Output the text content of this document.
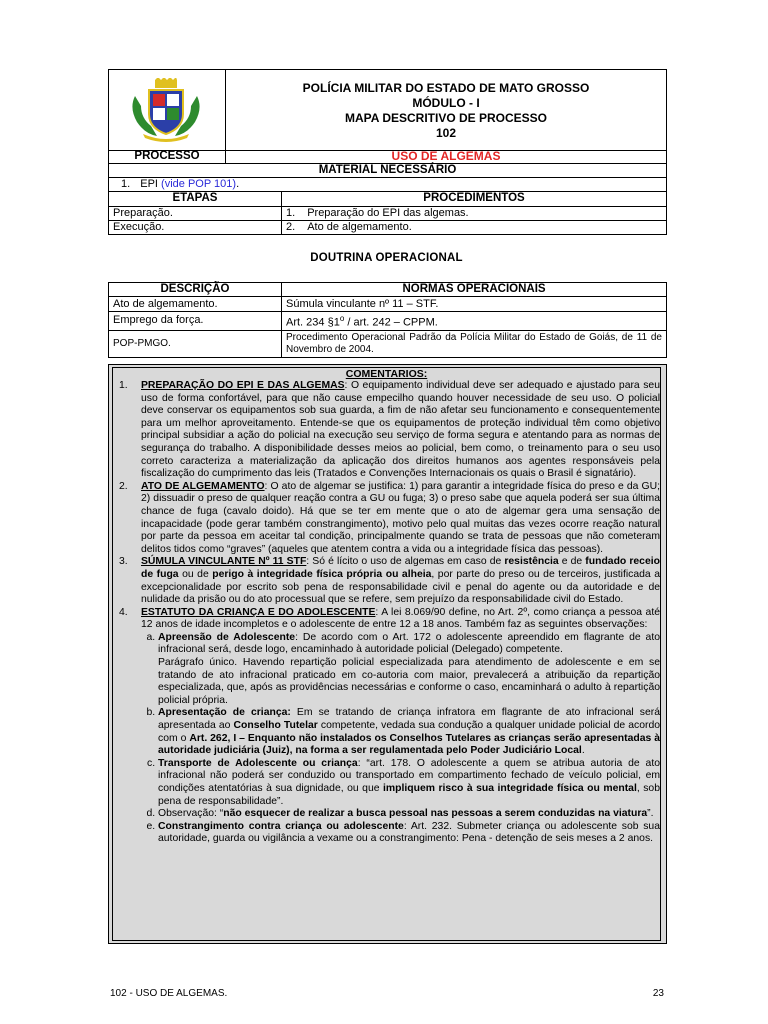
POLÍCIA MILITAR DO ESTADO DE MATO GROSSO
MÓDULO - I
MAPA DESCRITIVO DE PROCESSO
102
PROCESSO	USO DE ALGEMAS
MATERIAL NECESSÁRIO
1. EPI (vide POP 101).
ETAPAS	PROCEDIMENTOS
Preparação.	1. Preparação do EPI das algemas.
Execução.	2. Ato de algemamento.
DOUTRINA OPERACIONAL
DESCRIÇÃO	NORMAS OPERACIONAIS
Ato de algemamento.	Súmula vinculante nº 11 – STF.
Emprego da força.	Art. 234 §1$^o$ / art. 242 – CPPM.
POP-PMGO.	Procedimento Operacional Padrão da Polícia Militar do Estado de Goiás, de 11 de Novembro de 2004.
COMENTARIOS:
1. PREPARAÇÃO DO EPI E DAS ALGEMAS: O equipamento individual deve ser adequado e ajustado para seu uso de forma confortável, para que não cause empecilho quando houver necessidade de seu uso. O policial deve conservar os equipamentos sob sua guarda, a fim de não afetar seu funcionamento e consequentemente para um melhor aproveitamento. Entende-se que os equipamentos de proteção individual têm como objetivo principal subsidiar a ação do policial na execução seu serviço de forma segura e atentando para as normas de segurança do trabalho. A disponibilidade desses meios ao policial, bem como, o treinamento para o seu uso correto caracteriza a materialização da aplicação dos direitos humanos aos agentes responsáveis pela fiscalização do cumprimento das leis (Tratados e Convenções Internacionais os quais o Brasil é signatário).
2. ATO DE ALGEMAMENTO: O ato de algemar se justifica: 1) para garantir a integridade física do preso e da GU; 2) dissuadir o preso de qualquer reação contra a GU ou fuga; 3) o preso sabe que aquela poderá ser sua última chance de fuga (cavalo doido). Há que se ter em mente que o ato de algemar gera uma sensação de incapacidade (pode gerar também constrangimento), motivo pelo qual muitas das vezes ocorre reação natural por parte da pessoa em aceitar tal condição, principalmente quando se trata de pessoas que não cometeram delitos tidos como “graves” (aqueles que atentem contra a vida ou a integridade física das pessoas).
3. SÚMULA VINCULANTE Nº 11 STF: Só é lícito o uso de algemas em caso de resistência e de fundado receio de fuga ou de perigo à integridade física própria ou alheia, por parte do preso ou de terceiros, justificada a excepcionalidade por escrito sob pena de responsabilidade civil e penal do agente ou da autoridade e de nulidade da prisão ou do ato processual que se refere, sem prejuízo da responsabilidade civil do Estado.
4. ESTATUTO DA CRIANÇA E DO ADOLESCENTE: A lei 8.069/90 define, no Art. 2º, como criança a pessoa até 12 anos de idade incompletos e o adolescente de entre 12 a 18 anos. Também faz as seguintes observações:
a. Apreensão de Adolescente: De acordo com o Art. 172 o adolescente apreendido em flagrante de ato infracional será, desde logo, encaminhado à autoridade policial (Delegado) competente.
Parágrafo único. Havendo repartição policial especializada para atendimento de adolescente e em se tratando de ato infracional praticado em co-autoria com maior, prevalecerá a atribuição da repartição especializada, que, após as providências necessárias e conforme o caso, encaminhará o adulto à repartição policial própria.
b. Apresentação de criança: Em se tratando de criança infratora em flagrante de ato infracional será apresentada ao Conselho Tutelar competente, vedada sua condução a qualquer unidade policial de acordo com o Art. 262, I – Enquanto não instalados os Conselhos Tutelares as crianças serão apresentadas à autoridade judiciária (Juiz), na forma a ser regulamentada pelo Poder Judiciário Local.
c. Transporte de Adolescente ou criança: “art. 178. O adolescente a quem se atribua autoria de ato infracional não poderá ser conduzido ou transportado em compartimento fechado de veículo policial, em condições atentatórias à sua dignidade, ou que impliquem risco à sua integridade física ou mental, sob pena de responsabilidade”.
d. Observação: “não esquecer de realizar a busca pessoal nas pessoas a serem conduzidas na viatura”.
e. Constrangimento contra criança ou adolescente: Art. 232. Submeter criança ou adolescente sob sua autoridade, guarda ou vigilância a vexame ou a constrangimento: Pena - detenção de seis meses a 2 anos.
102 - USO DE ALGEMAS.	23
